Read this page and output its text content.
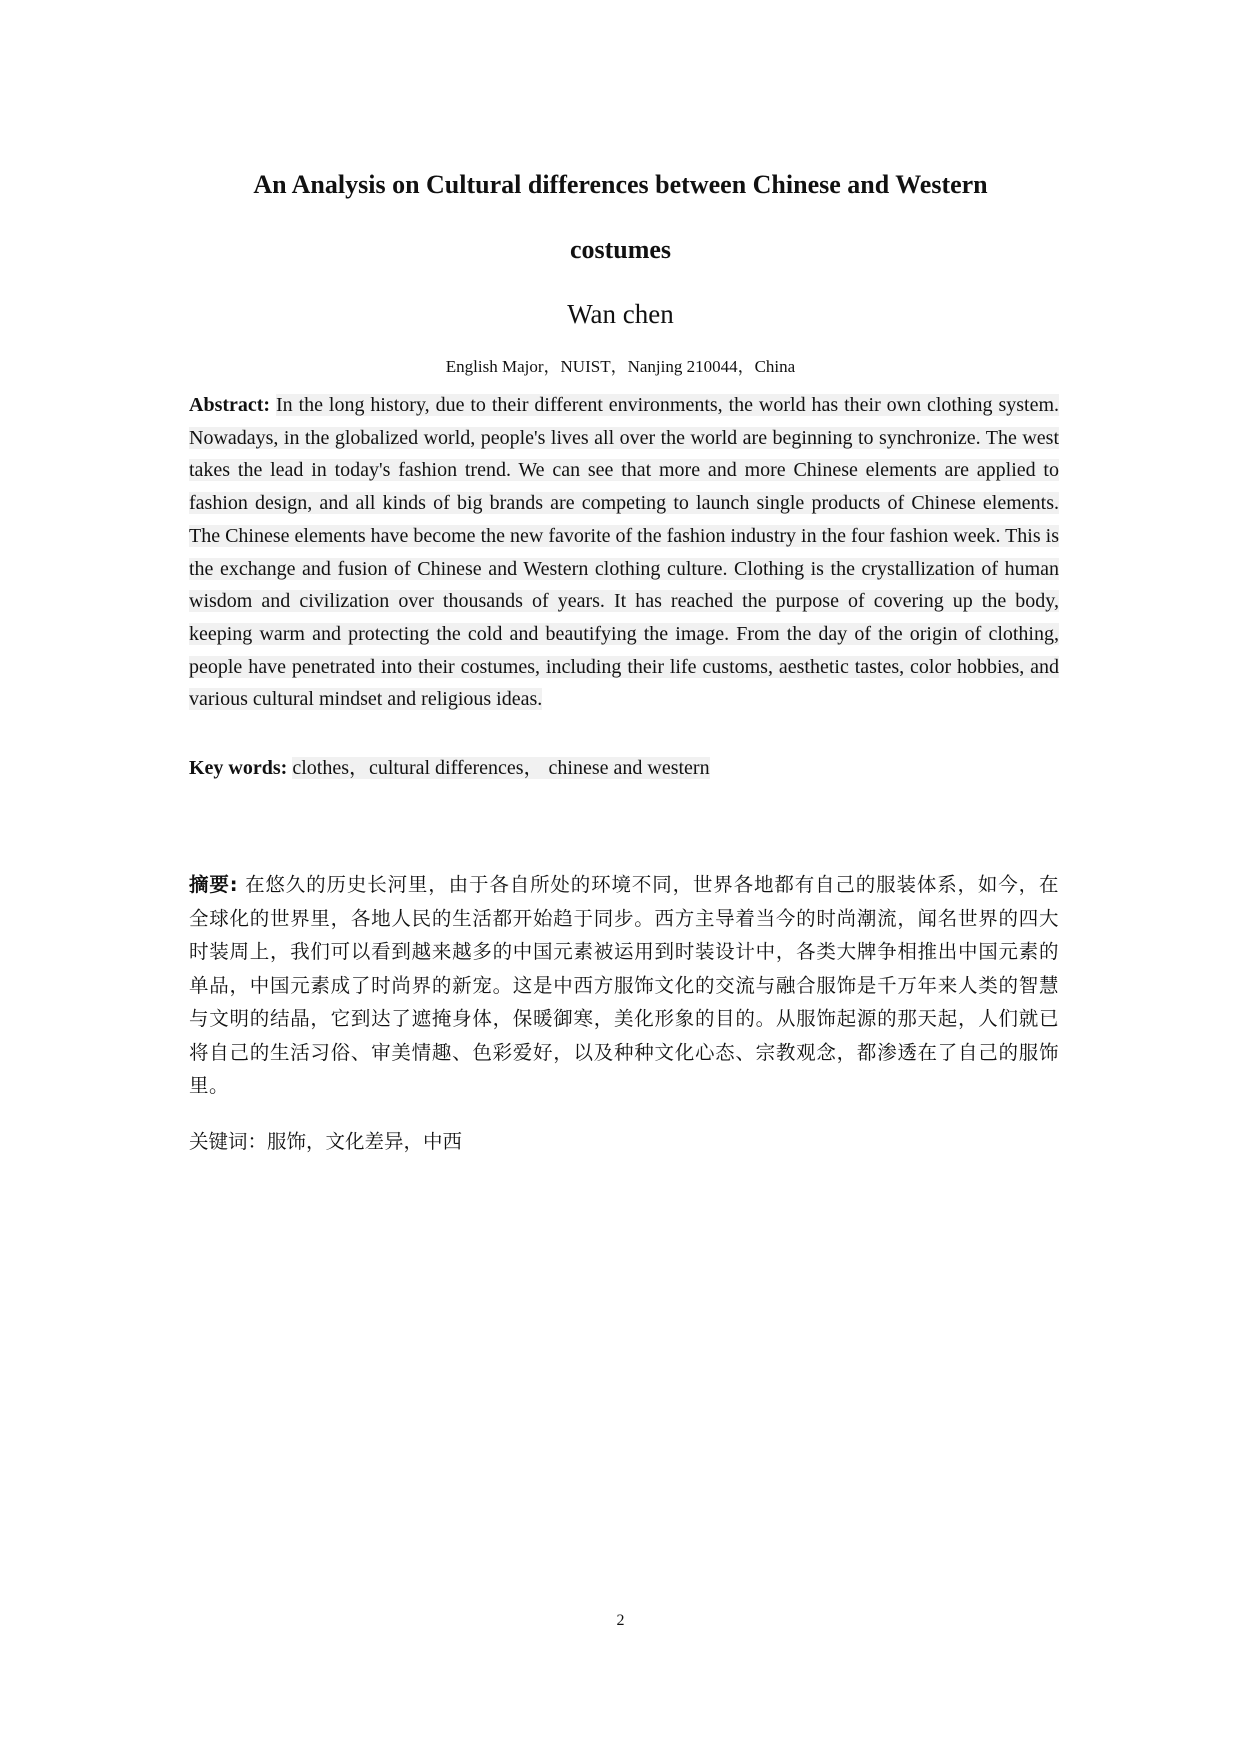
An Analysis on Cultural differences between Chinese and Western
costumes
Wan chen
English Major，NUIST，Nanjing 210044，China

Abstract: In the long history, due to their different environments, the world has their own clothing system. Nowadays, in the globalized world, people's lives all over the world are beginning to synchronize. The west takes the lead in today's fashion trend. We can see that more and more Chinese elements are applied to fashion design, and all kinds of big brands are competing to launch single products of Chinese elements. The Chinese elements have become the new favorite of the fashion industry in the four fashion week. This is the exchange and fusion of Chinese and Western clothing culture. Clothing is the crystallization of human wisdom and civilization over thousands of years. It has reached the purpose of covering up the body, keeping warm and protecting the cold and beautifying the image. From the day of the origin of clothing, people have penetrated into their costumes, including their life customs, aesthetic tastes, color hobbies, and various cultural mindset and religious ideas.

Key words: clothes，cultural differences， chinese and western

摘要: 在悠久的历史长河里，由于各自所处的环境不同，世界各地都有自己的服装体系，如今，在全球化的世界里，各地人民的生活都开始趋于同步。西方主导着当今的时尚潮流，闻名世界的四大时装周上，我们可以看到越来越多的中国元素被运用到时装设计中，各类大牌争相推出中国元素的单品，中国元素成了时尚界的新宠。这是中西方服饰文化的交流与融合服饰是千万年来人类的智慧与文明的结晶，它到达了遮掩身体，保暖御寒，美化形象的目的。从服饰起源的那天起，人们就已将自己的生活习俗、审美情趣、色彩爱好，以及种种文化心态、宗教观念，都渗透在了自己的服饰里。

关键词：服饰，文化差异，中西
2
